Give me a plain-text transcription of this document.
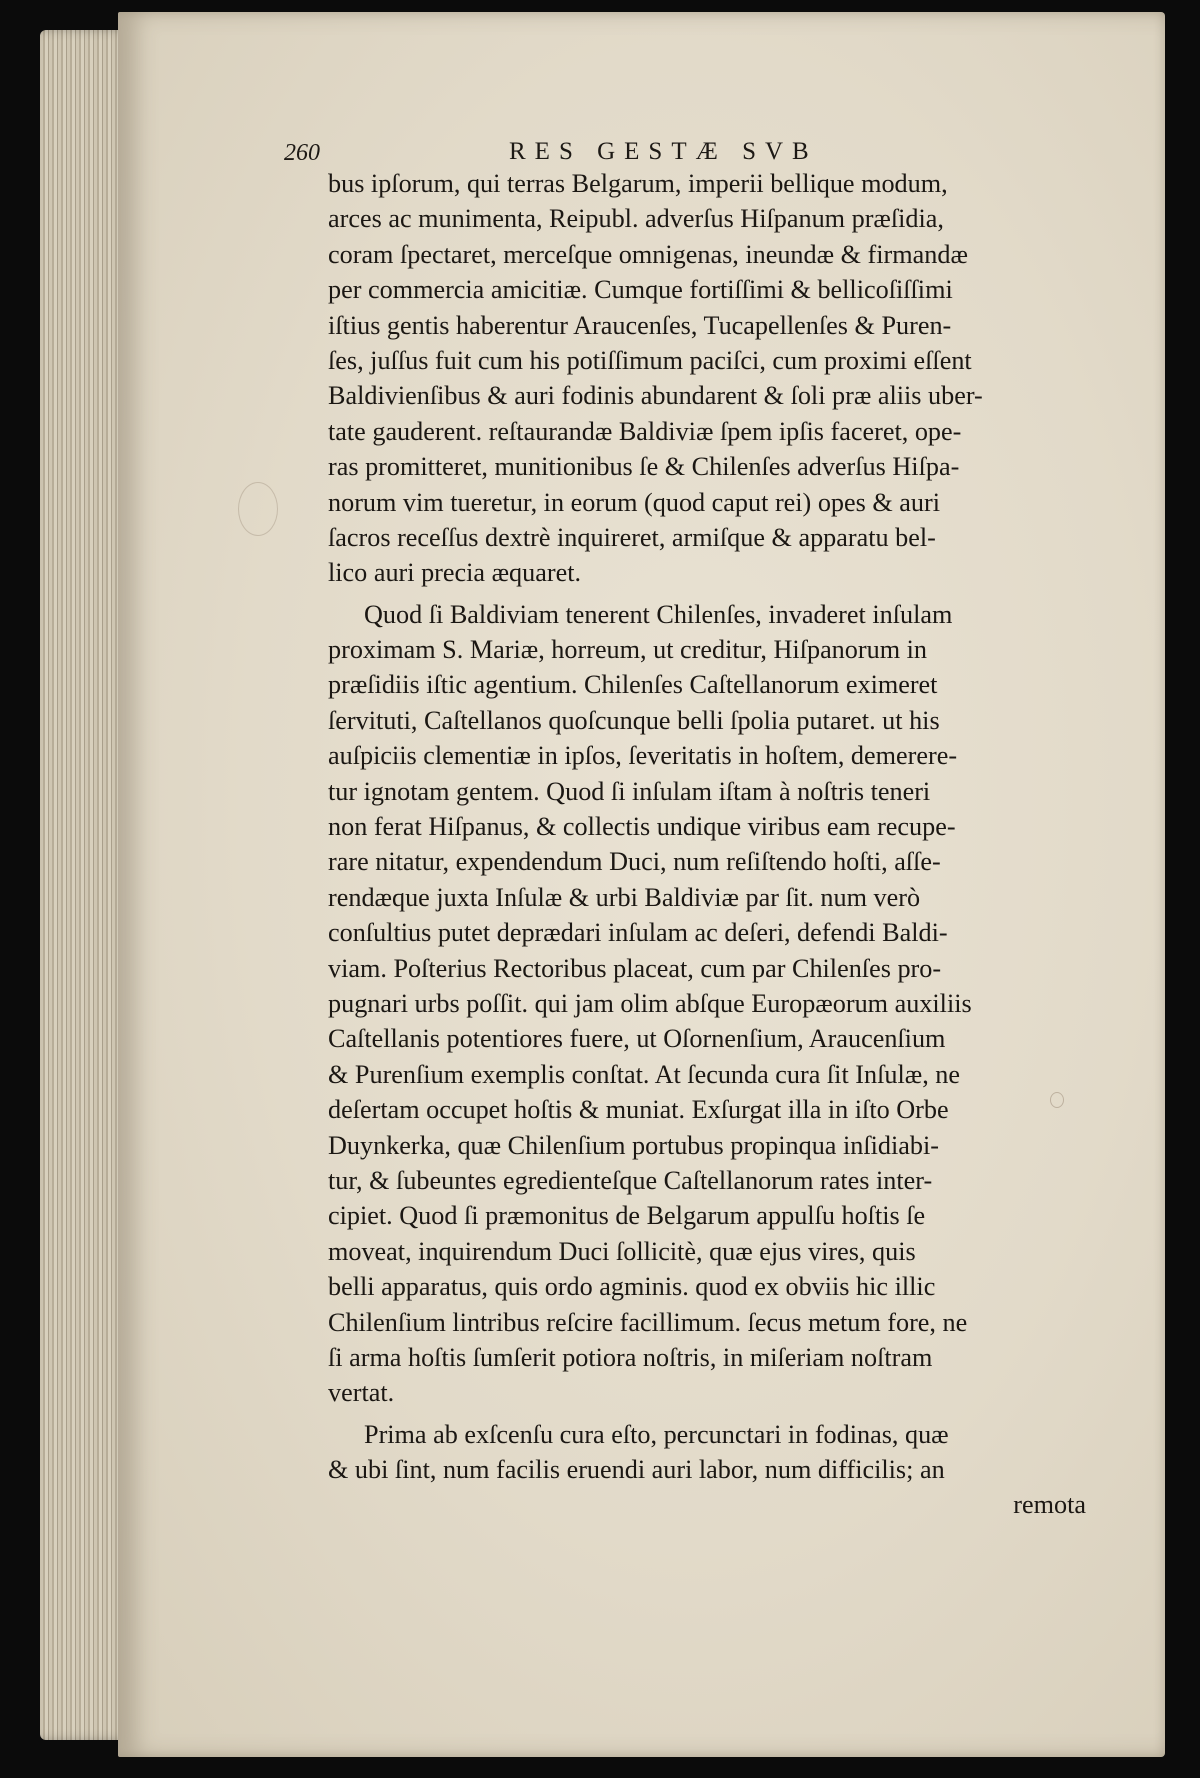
260	RES GESTÆ SVB
bus ipſorum, qui terras Belgarum, imperii bellique modum,
arces ac munimenta, Reipubl. adverſus Hiſpanum præſidia,
coram ſpectaret, merceſque omnigenas, ineundæ & firmandæ
per commercia amicitiæ. Cumque fortiſſimi & bellicoſiſſimi
iſtius gentis haberentur Araucenſes, Tucapellenſes & Puren-
ſes, juſſus fuit cum his potiſſimum paciſci, cum proximi eſſent
Baldivienſibus & auri fodinis abundarent & ſoli præ aliis uber-
tate gauderent. reſtaurandæ Baldiviæ ſpem ipſis faceret, ope-
ras promitteret, munitionibus ſe & Chilenſes adverſus Hiſpa-
norum vim tueretur, in eorum (quod caput rei) opes & auri
ſacros receſſus dextrè inquireret, armiſque & apparatu bel-
lico auri precia æquaret.
Quod ſi Baldiviam tenerent Chilenſes, invaderet inſulam
proximam S. Mariæ, horreum, ut creditur, Hiſpanorum in
præſidiis iſtic agentium. Chilenſes Caſtellanorum eximeret
ſervituti, Caſtellanos quoſcunque belli ſpolia putaret. ut his
auſpiciis clementiæ in ipſos, ſeveritatis in hoſtem, demerere-
tur ignotam gentem. Quod ſi inſulam iſtam à noſtris teneri
non ferat Hiſpanus, & collectis undique viribus eam recupe-
rare nitatur, expendendum Duci, num reſiſtendo hoſti, aſſe-
rendæque juxta Inſulæ & urbi Baldiviæ par ſit. num verò
conſultius putet deprædari inſulam ac deſeri, defendi Baldi-
viam. Poſterius Rectoribus placeat, cum par Chilenſes pro-
pugnari urbs poſſit. qui jam olim abſque Europæorum auxiliis
Caſtellanis potentiores fuere, ut Oſornenſium, Araucenſium
& Purenſium exemplis conſtat. At ſecunda cura ſit Inſulæ, ne
deſertam occupet hoſtis & muniat. Exſurgat illa in iſto Orbe
Duynkerka, quæ Chilenſium portubus propinqua inſidiabi-
tur, & ſubeuntes egredienteſque Caſtellanorum rates inter-
cipiet. Quod ſi præmonitus de Belgarum appulſu hoſtis ſe
moveat, inquirendum Duci ſollicitè, quæ ejus vires, quis
belli apparatus, quis ordo agminis. quod ex obviis hic illic
Chilenſium lintribus reſcire facillimum. ſecus metum fore, ne
ſi arma hoſtis ſumſerit potiora noſtris, in miſeriam noſtram
vertat.
Prima ab exſcenſu cura eſto, percunctari in fodinas, quæ
& ubi ſint, num facilis eruendi auri labor, num difficilis; an
remota
